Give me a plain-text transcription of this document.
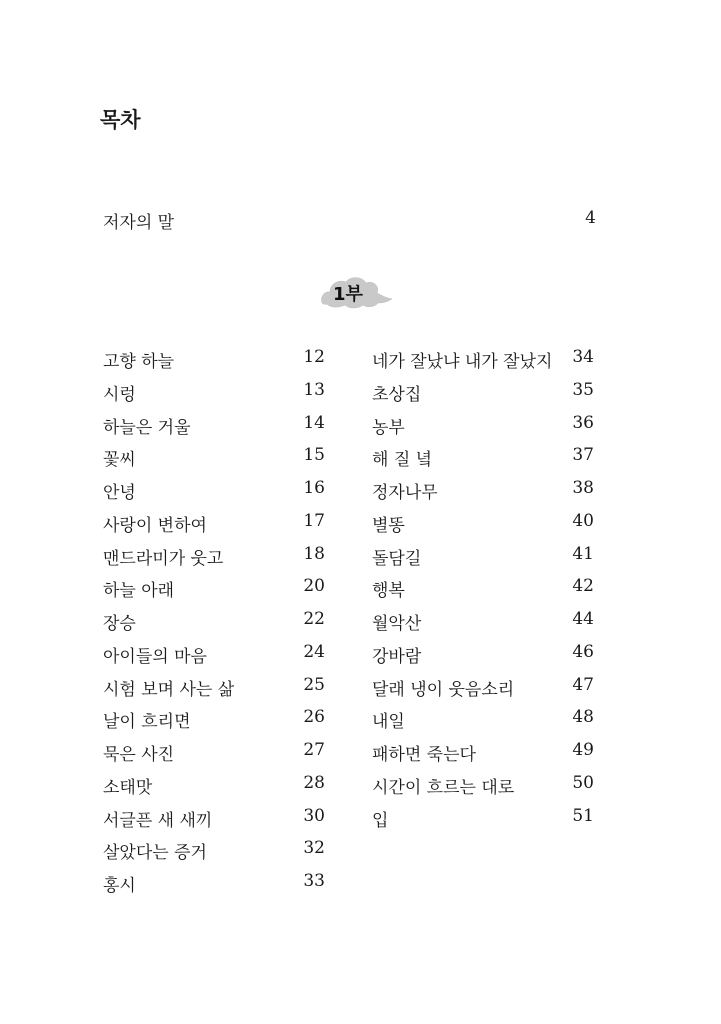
목차
저자의 말	4
1부
고향 하늘	12
시렁	13
하늘은 거울	14
꽃씨	15
안녕	16
사랑이 변하여	17
맨드라미가 웃고	18
하늘 아래	20
장승	22
아이들의 마음	24
시험 보며 사는 삶	25
날이 흐리면	26
묵은 사진	27
소태맛	28
서글픈 새 새끼	30
살았다는 증거	32
홍시	33
네가 잘났냐 내가 잘났지 34
초상집	35
농부	36
해 질 녘	37
정자나무	38
별똥	40
돌담길	41
행복	42
월악산	44
강바람	46
달래 냉이 웃음소리	47
내일	48
패하면 죽는다	49
시간이 흐르는 대로	50
입	51
